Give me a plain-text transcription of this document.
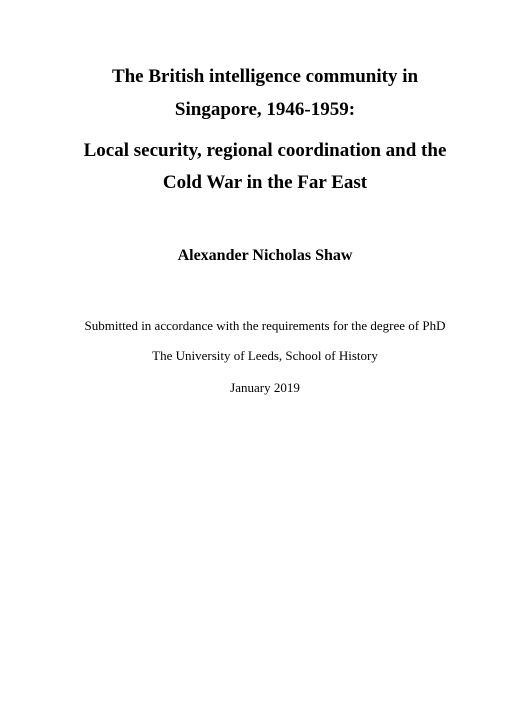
The British intelligence community in
Singapore, 1946-1959:
Local security, regional coordination and the
Cold War in the Far East
Alexander Nicholas Shaw
Submitted in accordance with the requirements for the degree of PhD
The University of Leeds, School of History
January 2019
